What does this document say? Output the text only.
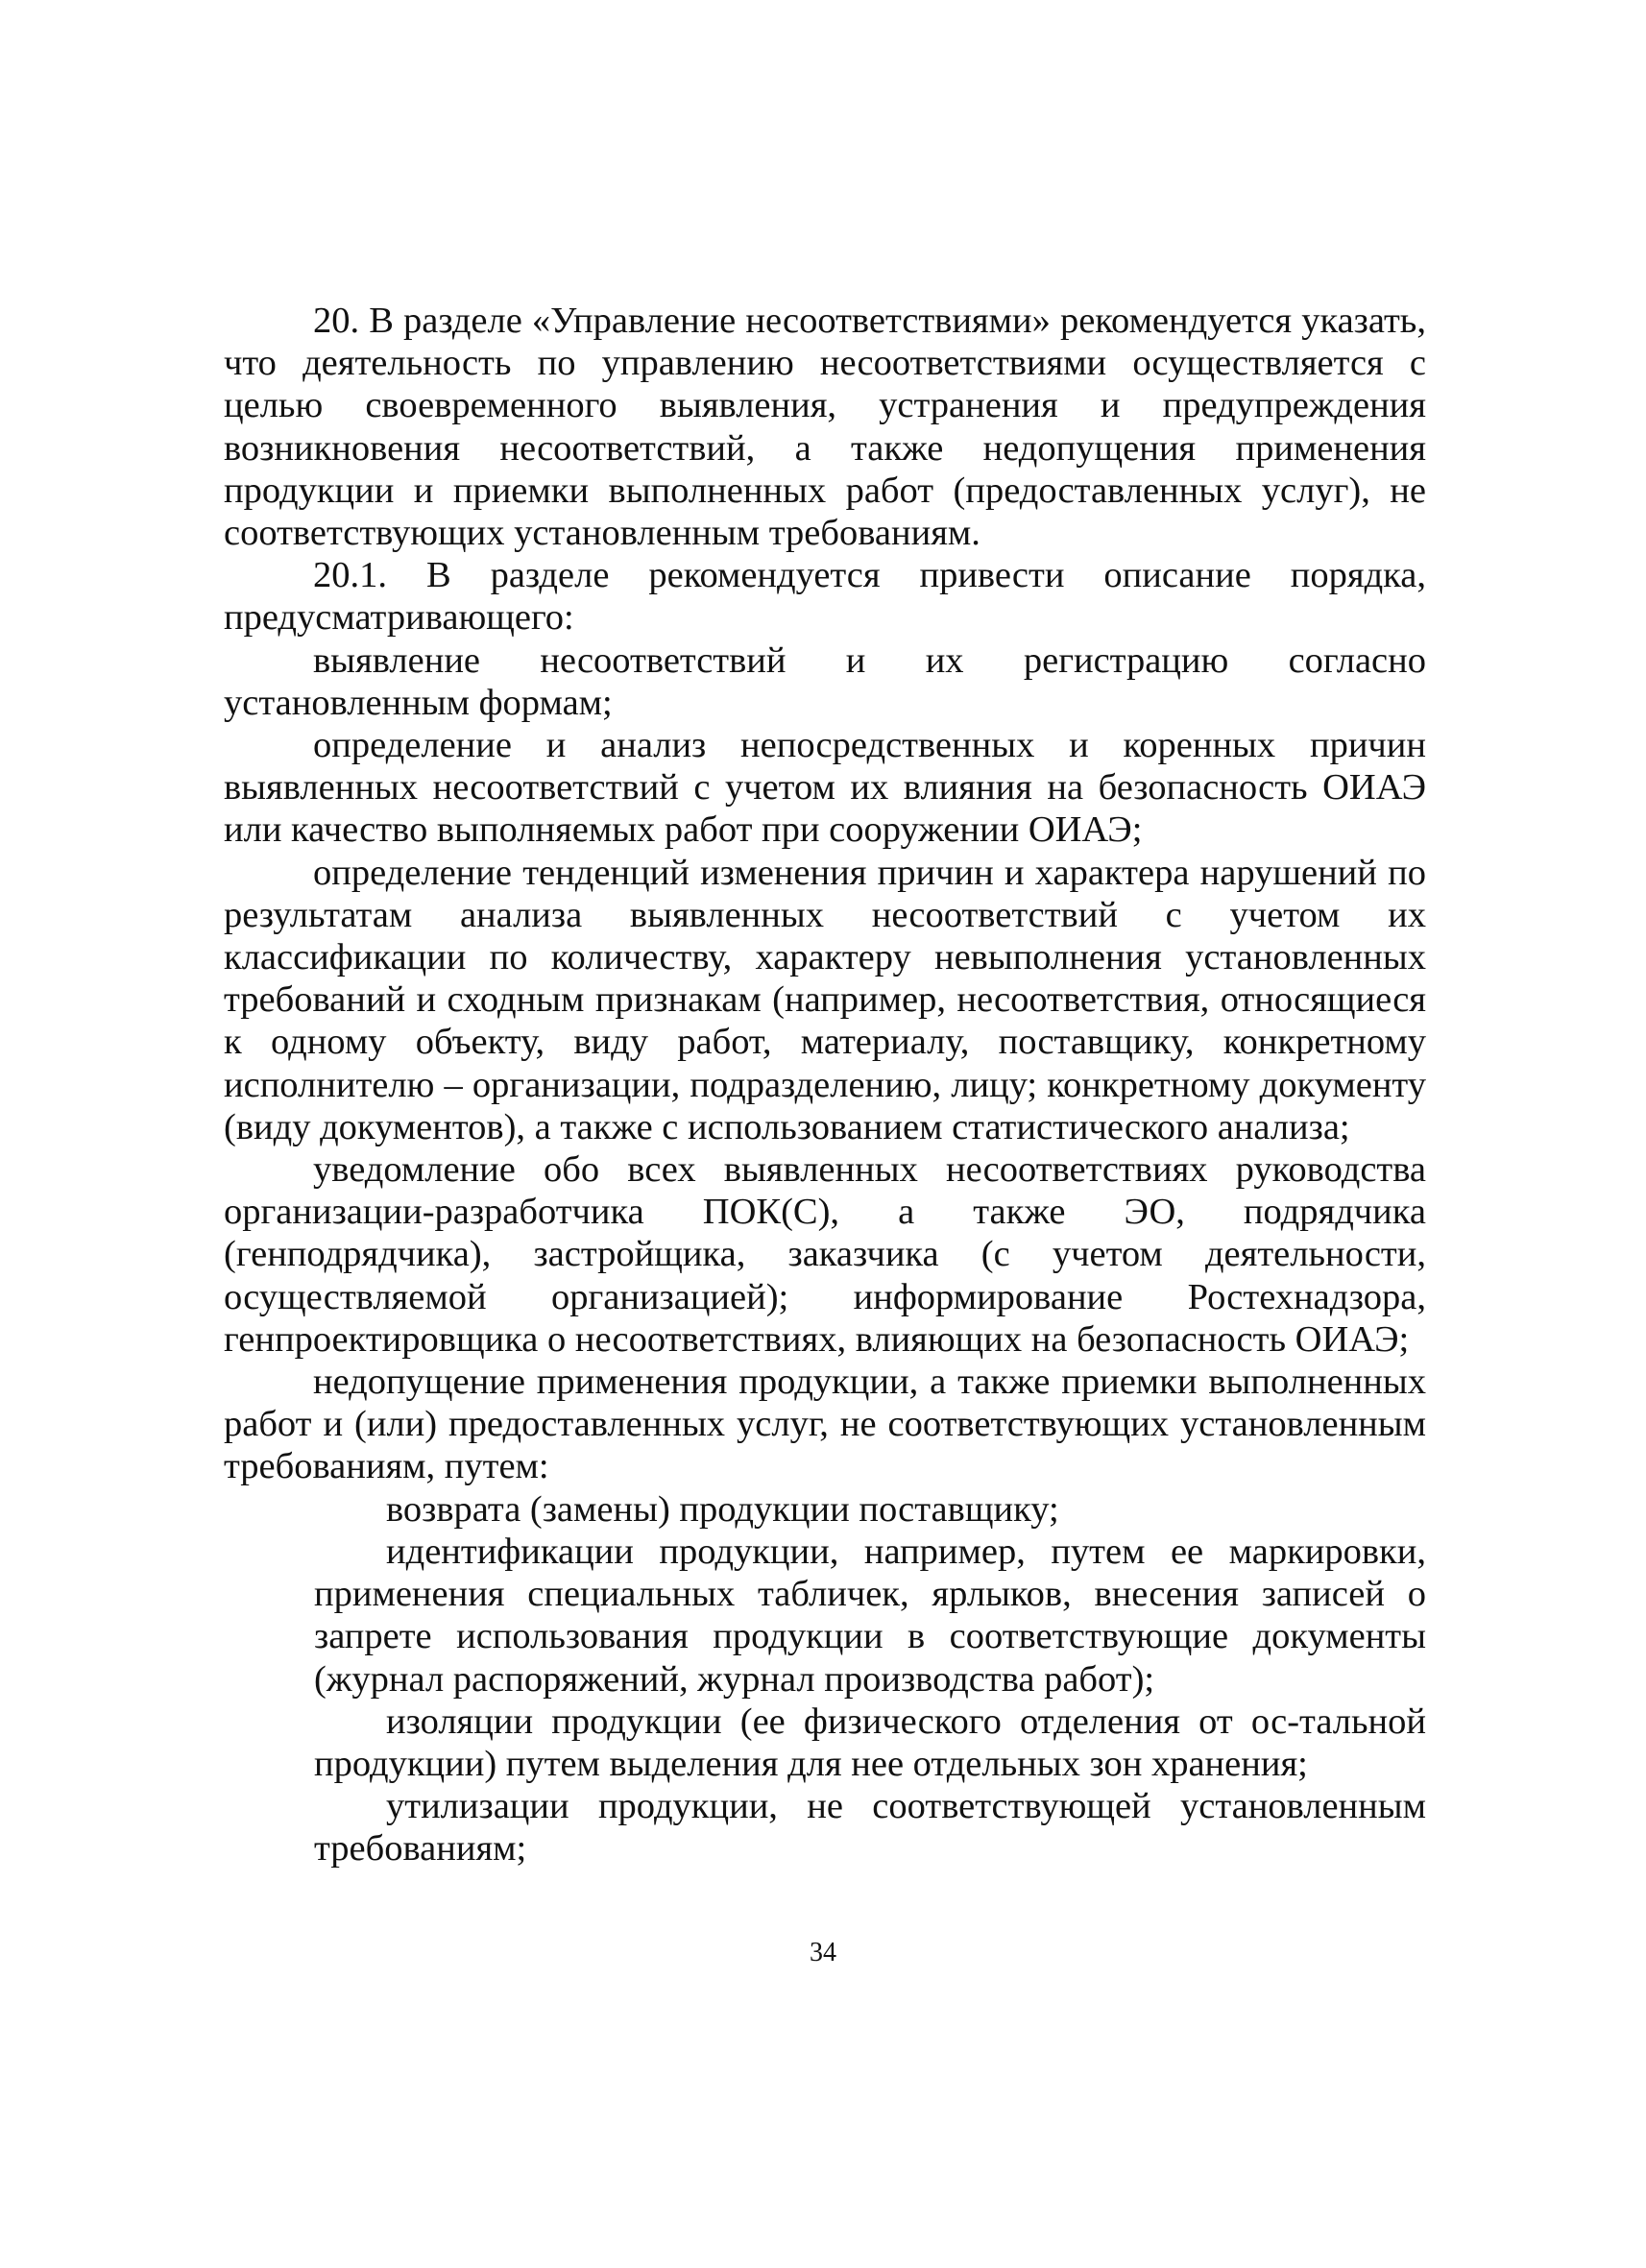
20. В разделе «Управление несоответствиями» рекомендуется указать, что деятельность по управлению несоответствиями осуществляется с целью своевременного выявления, устранения и предупреждения возникновения несоответствий, а также недопущения применения продукции и приемки выполненных работ (предоставленных услуг), не соответствующих установленным требованиям.

20.1. В разделе рекомендуется привести описание порядка, предусматривающего:

выявление несоответствий и их регистрацию согласно установленным формам;

определение и анализ непосредственных и коренных причин выявленных несоответствий с учетом их влияния на безопасность ОИАЭ или качество выполняемых работ при сооружении ОИАЭ;

определение тенденций изменения причин и характера нарушений по результатам анализа выявленных несоответствий с учетом их классификации по количеству, характеру невыполнения установленных требований и сходным признакам (например, несоответствия, относящиеся к одному объекту, виду работ, материалу, поставщику, конкретному исполнителю – организации, подразделению, лицу; конкретному документу (виду документов), а также с использованием статистического анализа;

уведомление обо всех выявленных несоответствиях руководства организации-разработчика ПОК(С), а также ЭО, подрядчика (генподрядчика), застройщика, заказчика (с учетом деятельности, осуществляемой организацией); информирование Ростехнадзора, генпроектировщика о несоответствиях, влияющих на безопасность ОИАЭ;

недопущение применения продукции, а также приемки выполненных работ и (или) предоставленных услуг, не соответствующих установленным требованиям, путем:

возврата (замены) продукции поставщику;

идентификации продукции, например, путем ее маркировки, применения специальных табличек, ярлыков, внесения записей о запрете использования продукции в соответствующие документы (журнал распоряжений, журнал производства работ);

изоляции продукции (ее физического отделения от ос-тальной продукции) путем выделения для нее отдельных зон хранения;

утилизации продукции, не соответствующей установленным требованиям;

34
